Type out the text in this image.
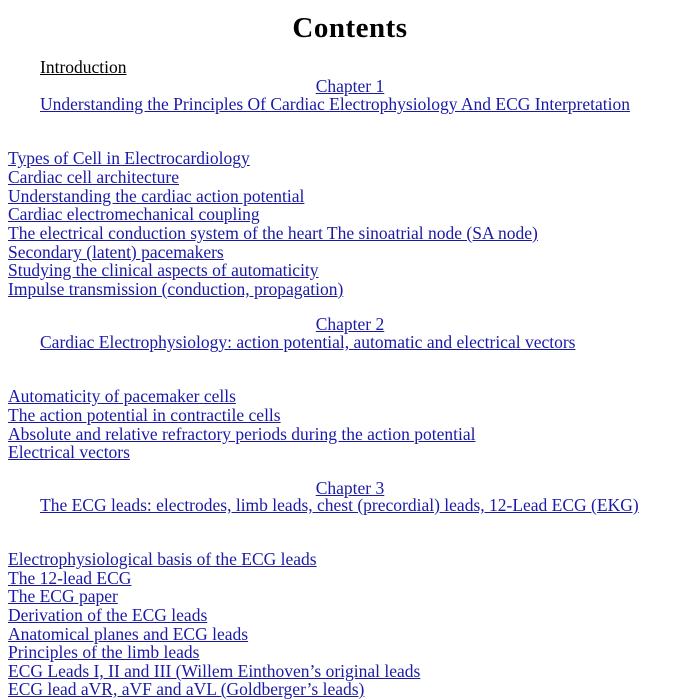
Contents
Introduction
Chapter 1
Understanding the Principles Of Cardiac Electrophysiology And ECG Interpretation
Types of Cell in Electrocardiology
Cardiac cell architecture
Understanding the cardiac action potential
Cardiac electromechanical coupling
The electrical conduction system of the heart The sinoatrial node (SA node)
Secondary (latent) pacemakers
Studying the clinical aspects of automaticity
Impulse transmission (conduction, propagation)
Chapter 2
Cardiac Electrophysiology: action potential, automatic and electrical vectors
Automaticity of pacemaker cells
The action potential in contractile cells
Absolute and relative refractory periods during the action potential
Electrical vectors
Chapter 3
The ECG leads: electrodes, limb leads, chest (precordial) leads, 12-Lead ECG (EKG)
Electrophysiological basis of the ECG leads
The 12-lead ECG
The ECG paper
Derivation of the ECG leads
Anatomical planes and ECG leads
Principles of the limb leads
ECG Leads I, II and III (Willem Einthoven’s original leads
ECG lead aVR, aVF and aVL (Goldberger’s leads)
